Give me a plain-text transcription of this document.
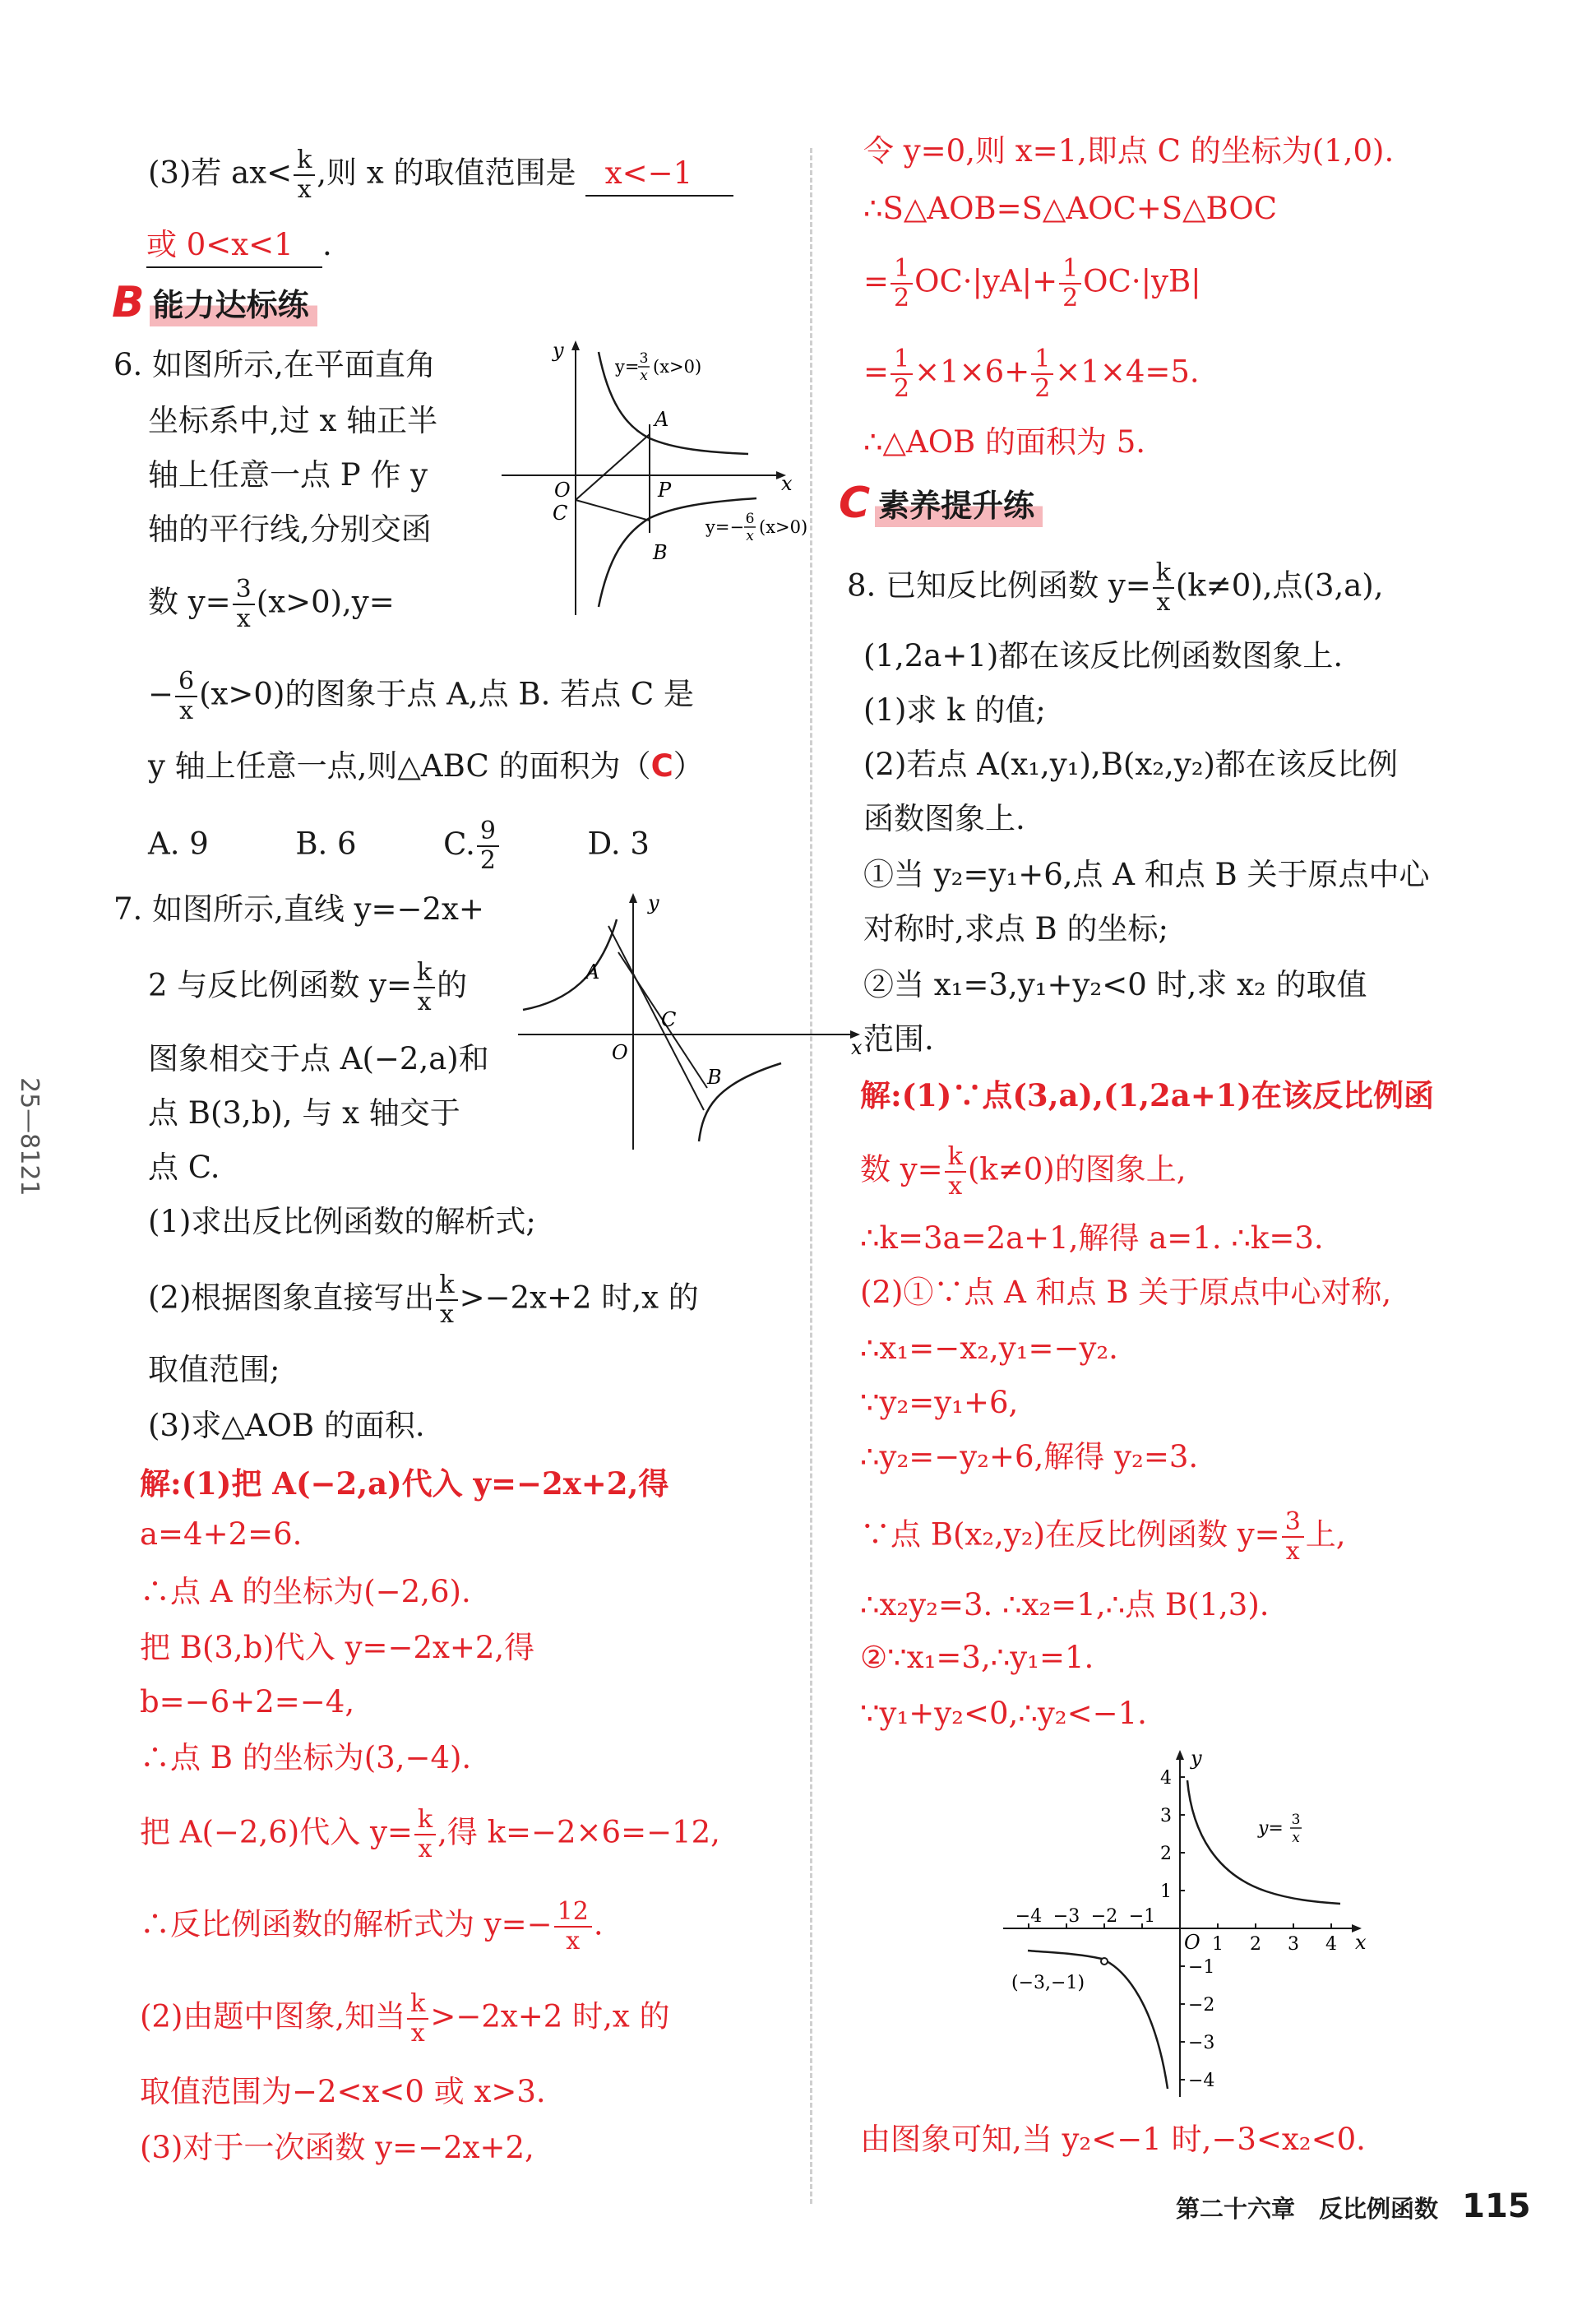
25—8121
(3)若 $ax< \frac{k}{x}$ ,则 x 的取值范围是 x<−1
或 0<x<1 .
B 能力达标练
6. 如图所示,在平面直角
坐标系中,过 x 轴正半
轴上任意一点 P 作 y
轴的平行线,分别交函
数 $y= \frac{3}{x} (x>0),y=$
− $\frac{6}{x} (x>0)$的图象于点 A,点 B. 若点 C 是
y 轴上任意一点,则△ABC 的面积为（C）
A. 9	B. 6	C. $\frac{9}{2}$	D. 3
y
x
O
A
P
C
B
y= 3
x (x>0)
y=− 6
x (x>0)
7. 如图所示,直线 y=−2x+
2 与反比例函数 $y= \frac{k}{x}$ 的
图象相交于点 A(−2,a)和
点 B(3,b), 与 x 轴交于
点 C.
(1)求出反比例函数的解析式;
(2)根据图象直接写出 $\frac{k}{x} >-2x+2$ 时,x 的
取值范围;
(3)求△AOB 的面积.
y
x
O
A
C
B
解:(1)把 A(−2,a)代入 y=−2x+2,得
a=4+2=6.
∴点 A 的坐标为(−2,6).
把 B(3,b)代入 y=−2x+2,得
b=−6+2=−4,
∴点 B 的坐标为(3,−4).
把 A(−2,6)代入 $y= \frac{k}{x}$ ,得 k=−2×6=−12,
∴反比例函数的解析式为 $y=- \frac{12}{x}$ .
(2)由题中图象,知当 $\frac{k}{x} >-2x+2$ 时,x 的
取值范围为−2<x<0 或 x>3.
(3)对于一次函数 y=−2x+2,
令 y=0,则 x=1,即点 C 的坐标为(1,0).
∴S△AOB=S△AOC+S△BOC
= $\frac{1}{2} OC\cdot|yA|+ \frac{1}{2} OC\cdot|yB|$
= $\frac{1}{2} \times 1\times 6+ \frac{1}{2} \times 1\times 4=5$.
∴△AOB 的面积为 5.
C 素养提升练
8. 已知反比例函数 $y= \frac{k}{x} (k\ne 0)$,点(3,a),
(1,2a+1)都在该反比例函数图象上.
(1)求 k 的值;
(2)若点 A(x₁,y₁),B(x₂,y₂)都在该反比例
函数图象上.
①当 y₂=y₁+6,点 A 和点 B 关于原点中心
对称时,求点 B 的坐标;
②当 x₁=3,y₁+y₂<0 时,求 x₂ 的取值
范围.
解:(1)∵点(3,a),(1,2a+1)在该反比例函
数 $y= \frac{k}{x} (k\ne 0)$的图象上,
∴k=3a=2a+1,解得 a=1. ∴k=3.
(2)①∵点 A 和点 B 关于原点中心对称,
∴x₁=−x₂,y₁=−y₂.
∵y₂=y₁+6,
∴y₂=−y₂+6,解得 y₂=3.
∵点 B(x₂,y₂)在反比例函数 $y= \frac{3}{x}$ 上,
∴x₂y₂=3. ∴x₂=1,∴点 B(1,3).
②∵x₁=3,∴y₁=1.
∵y₁+y₂<0,∴y₂<−1.
由图象可知,当 y₂<−1 时,−3<x₂<0.
y
x
O
−4 −3 −2 −1
1 2 3 4
4
3
2
1
−1
−2
−3
−4
(−3,−1)
y= 3
x
第二十六章　反比例函数 115
